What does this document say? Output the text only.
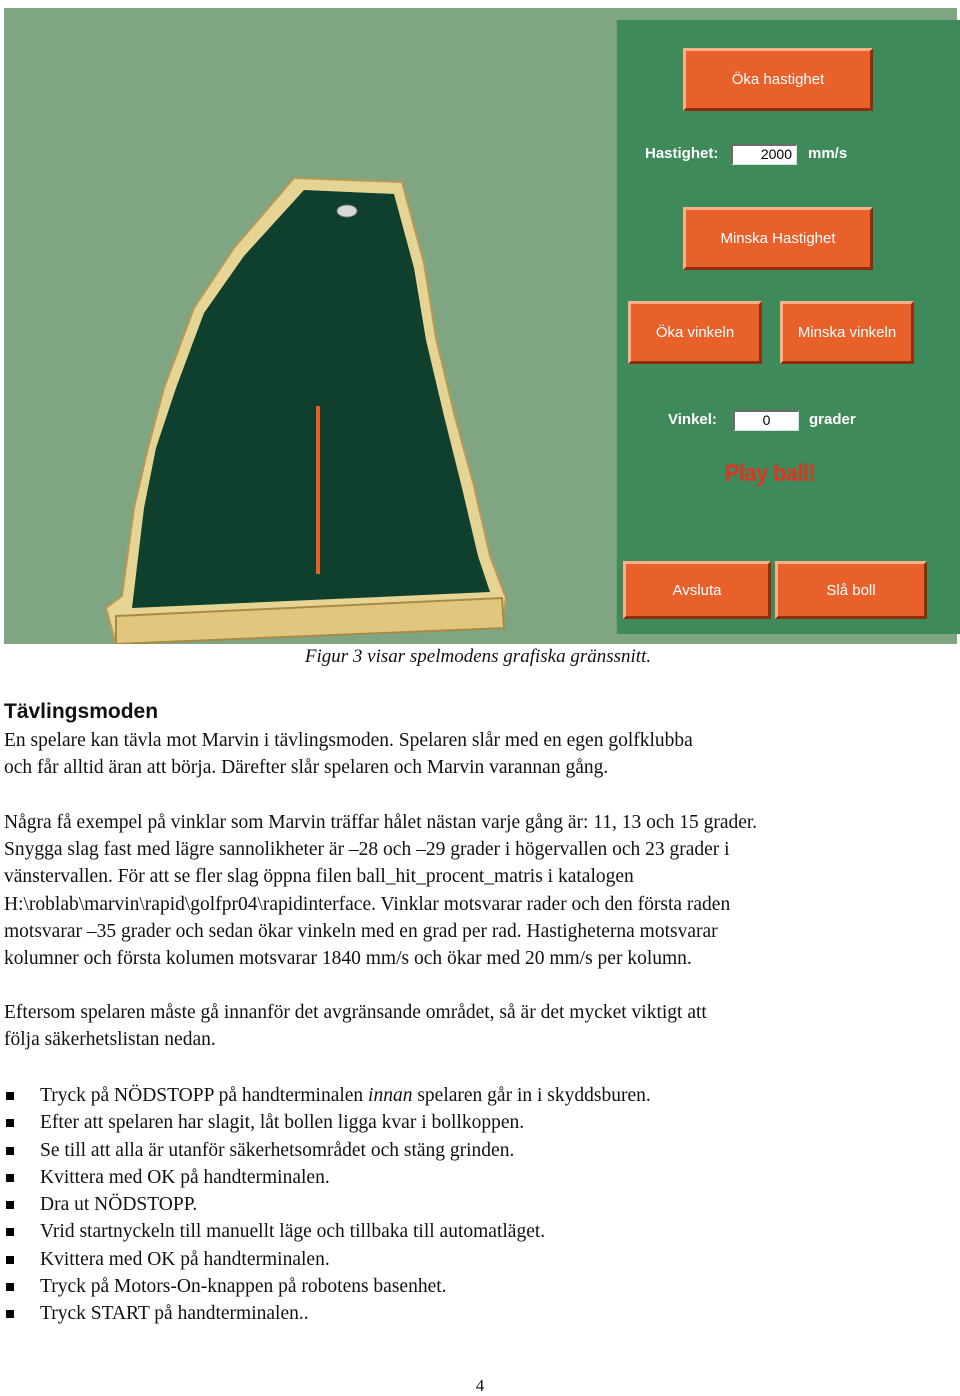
Öka hastighet
Hastighet:	2000	mm/s
Minska Hastighet
Öka vinkeln	Minska vinkeln
Vinkel:	0	grader
Play ball!
Avsluta	Slå boll
Figur 3 visar spelmodens grafiska gränssnitt.
Tävlingsmoden

En spelare kan tävla mot Marvin i tävlingsmoden. Spelaren slår med en egen golfklubba

och får alltid äran att börja. Därefter slår spelaren och Marvin varannan gång.

Några få exempel på vinklar som Marvin träffar hålet nästan varje gång är: 11, 13 och 15 grader.

Snygga slag fast med lägre sannolikheter är –28 och –29 grader i högervallen och 23 grader i

vänstervallen. För att se fler slag öppna filen ball_hit_procent_matris i katalogen

H:\roblab\marvin\rapid\golfpr04\rapidinterface. Vinklar motsvarar rader och den första raden

motsvarar –35 grader och sedan ökar vinkeln med en grad per rad. Hastigheterna motsvarar

kolumner och första kolumen motsvarar 1840 mm/s och ökar med 20 mm/s per kolumn.

Eftersom spelaren måste gå innanför det avgränsande området, så är det mycket viktigt att

följa säkerhetslistan nedan.

Tryck på NÖDSTOPP på handterminalen innan spelaren går in i skyddsburen.
Efter att spelaren har slagit, låt bollen ligga kvar i bollkoppen.
Se till att alla är utanför säkerhetsområdet och stäng grinden.
Kvittera med OK på handterminalen.
Dra ut NÖDSTOPP.
Vrid startnyckeln till manuellt läge och tillbaka till automatläget.
Kvittera med OK på handterminalen.
Tryck på Motors-On-knappen på robotens basenhet.
Tryck START på handterminalen..
4
